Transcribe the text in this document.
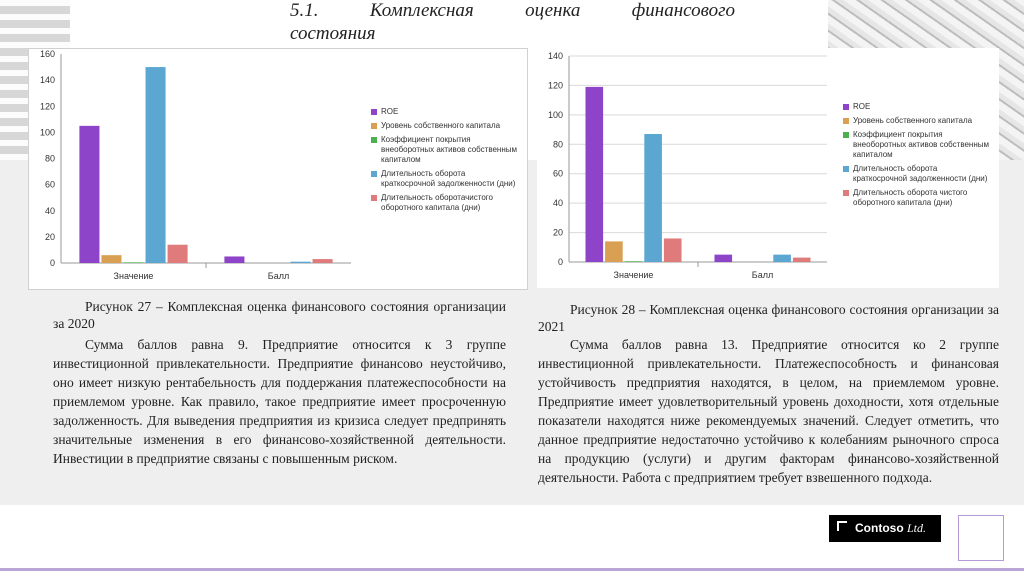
5.1. Комплексная оценка финансового
состояния
0
20
40
60
80
100
120
140
160
Значение	Балл
ROE
Уровень собственного капитала
Коэффициент покрытия внеоборотных активов собственным капиталом
Длительность оборота краткосрочной задолженности (дни)
Длительность оборотачистого оборотного капитала (дни)
0
20
40
60
80
100
120
140
Значение	Балл
ROE
Уровень собственного капитала
Коэффициент покрытия внеоборотных активов собственным капиталом
Длительность оборота краткосрочной задолженности (дни)
Длительность оборота чистого оборотного капитала (дни)

Рисунок 27 – Комплексная оценка финансового состояния организации за 2020

Сумма баллов равна 9. Предприятие относится к 3 группе инвестиционной привлекательности. Предприятие финансово неустойчиво, оно имеет низкую рентабельность для поддержания платежеспособности на приемлемом уровне. Как правило, такое предприятие имеет просроченную задолженность. Для выведения предприятия из кризиса следует предпринять значительные изменения в его финансово-хозяйственной деятельности. Инвестиции в предприятие связаны с повышенным риском.

Рисунок 28 – Комплексная оценка финансового состояния организации за 2021

Сумма баллов равна 13. Предприятие относится ко 2 группе инвестиционной привлекательности. Платежеспособность и финансовая устойчивость предприятия находятся, в целом, на приемлемом уровне. Предприятие имеет удовлетворительный уровень доходности, хотя отдельные показатели находятся ниже рекомендуемых значений. Следует отметить, что данное предприятие недостаточно устойчиво к колебаниям рыночного спроса на продукцию (услуги) и другим факторам финансово-хозяйственной деятельности. Работа с предприятием требует взвешенного подхода.

Contoso Ltd.
